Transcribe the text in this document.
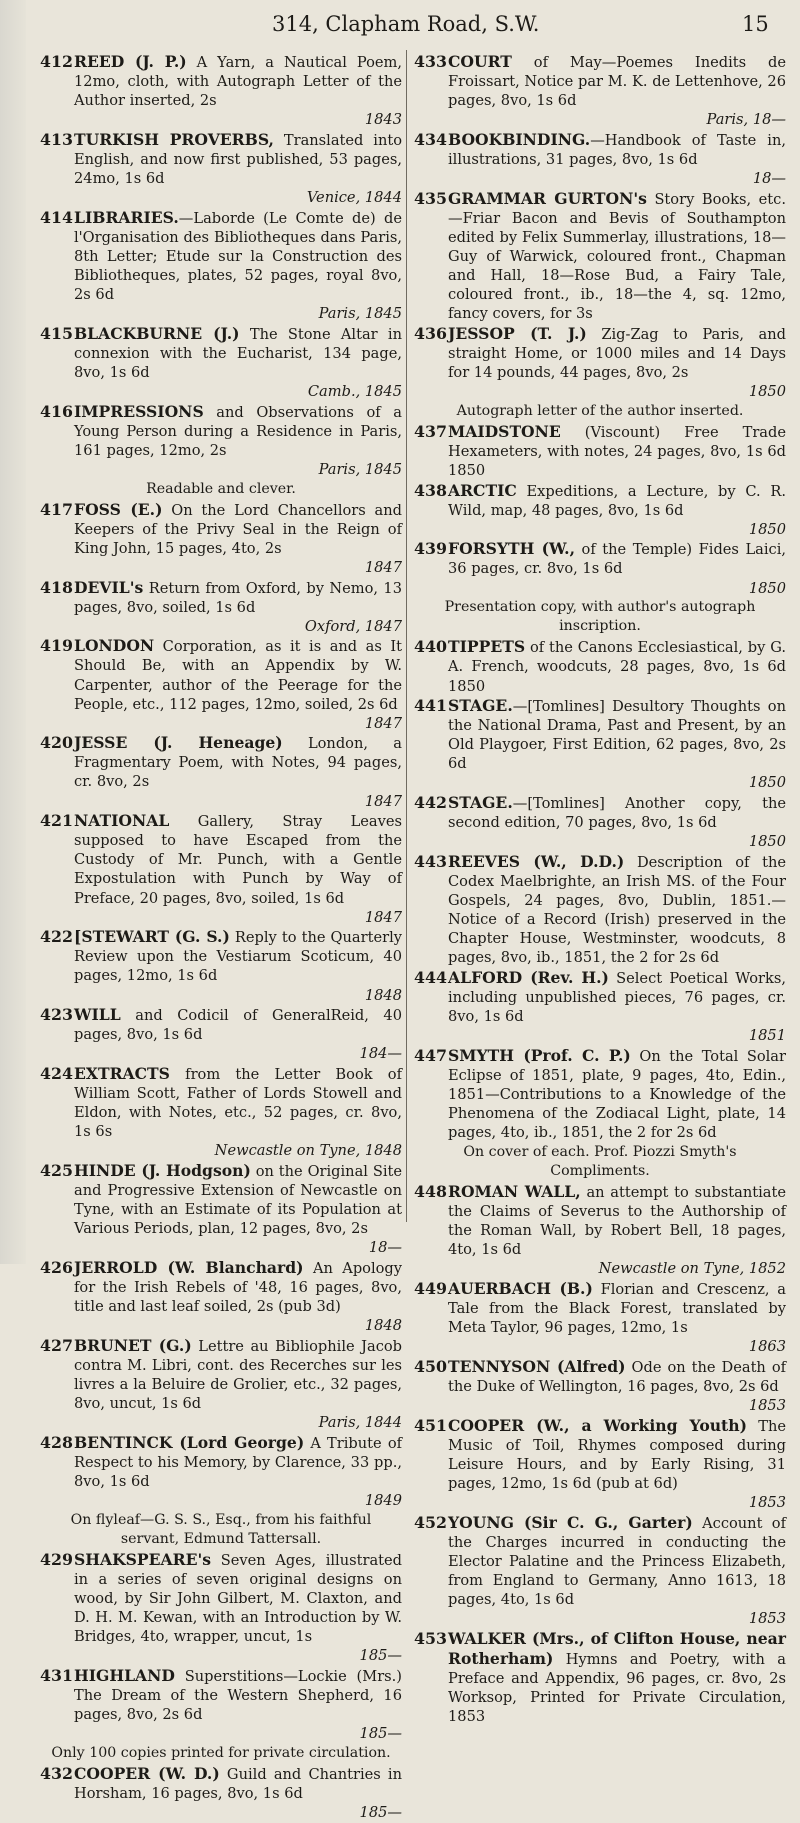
314, Clapham Road, S.W.	15
412 REED (J. P.) A Yarn, a Nautical Poem, 12mo, cloth, with Autograph Letter of the Author inserted, 2s
1843
413 TURKISH PROVERBS, Translated into English, and now first published, 53 pages, 24mo, 1s 6d
Venice, 1844
414 LIBRARIES.—Laborde (Le Comte de) de l'Organisation des Bibliotheques dans Paris, 8th Letter; Etude sur la Construction des Bibliotheques, plates, 52 pages, royal 8vo, 2s 6d
Paris, 1845
415 BLACKBURNE (J.) The Stone Altar in connexion with the Eucharist, 134 page, 8vo, 1s 6d
Camb., 1845
416 IMPRESSIONS and Observations of a Young Person during a Residence in Paris, 161 pages, 12mo, 2s
Paris, 1845
Readable and clever.
417 FOSS (E.) On the Lord Chancellors and Keepers of the Privy Seal in the Reign of King John, 15 pages, 4to, 2s
1847
418 DEVIL's Return from Oxford, by Nemo, 13 pages, 8vo, soiled, 1s 6d
Oxford, 1847
419 LONDON Corporation, as it is and as It Should Be, with an Appendix by W. Carpenter, author of the Peerage for the People, etc., 112 pages, 12mo, soiled, 2s 6d
1847
420 JESSE (J. Heneage) London, a Fragmentary Poem, with Notes, 94 pages, cr. 8vo, 2s
1847
421 NATIONAL Gallery, Stray Leaves supposed to have Escaped from the Custody of Mr. Punch, with a Gentle Expostulation with Punch by Way of Preface, 20 pages, 8vo, soiled, 1s 6d
1847
422 [STEWART (G. S.) Reply to the Quarterly Review upon the Vestiarum Scoticum, 40 pages, 12mo, 1s 6d
1848
423 WILL and Codicil of GeneralReid, 40 pages, 8vo, 1s 6d
184—
424 EXTRACTS from the Letter Book of William Scott, Father of Lords Stowell and Eldon, with Notes, etc., 52 pages, cr. 8vo, 1s 6s
Newcastle on Tyne, 1848
425 HINDE (J. Hodgson) on the Original Site and Progressive Extension of Newcastle on Tyne, with an Estimate of its Population at Various Periods, plan, 12 pages, 8vo, 2s
18—
426 JERROLD (W. Blanchard) An Apology for the Irish Rebels of '48, 16 pages, 8vo, title and last leaf soiled, 2s (pub 3d)
1848
427 BRUNET (G.) Lettre au Bibliophile Jacob contra M. Libri, cont. des Recerches sur les livres a la Beluire de Grolier, etc., 32 pages, 8vo, uncut, 1s 6d
Paris, 1844
428 BENTINCK (Lord George) A Tribute of Respect to his Memory, by Clarence, 33 pp., 8vo, 1s 6d
1849
On flyleaf—G. S. S., Esq., from his faithful servant, Edmund Tattersall.
429 SHAKSPEARE's Seven Ages, illustrated in a series of seven original designs on wood, by Sir John Gilbert, M. Claxton, and D. H. M. Kewan, with an Introduction by W. Bridges, 4to, wrapper, uncut, 1s
185—
431 HIGHLAND Superstitions—Lockie (Mrs.) The Dream of the Western Shepherd, 16 pages, 8vo, 2s 6d
185—
Only 100 copies printed for private circulation.
432 COOPER (W. D.) Guild and Chantries in Horsham, 16 pages, 8vo, 1s 6d
185—
433 COURT of May—Poemes Inedits de Froissart, Notice par M. K. de Lettenhove, 26 pages, 8vo, 1s 6d
Paris, 18—
434 BOOKBINDING.—Handbook of Taste in, illustrations, 31 pages, 8vo, 1s 6d
18—
435 GRAMMAR GURTON's Story Books, etc.—Friar Bacon and Bevis of Southampton edited by Felix Summerlay, illustrations, 18—Guy of Warwick, coloured front., Chapman and Hall, 18—Rose Bud, a Fairy Tale, coloured front., ib., 18—the 4, sq. 12mo, fancy covers, for 3s
436 JESSOP (T. J.) Zig-Zag to Paris, and straight Home, or 1000 miles and 14 Days for 14 pounds, 44 pages, 8vo, 2s
1850
Autograph letter of the author inserted.
437 MAIDSTONE (Viscount) Free Trade Hexameters, with notes, 24 pages, 8vo, 1s 6d 1850
438 ARCTIC Expeditions, a Lecture, by C. R. Wild, map, 48 pages, 8vo, 1s 6d
1850
439 FORSYTH (W., of the Temple) Fides Laici, 36 pages, cr. 8vo, 1s 6d
1850
Presentation copy, with author's autograph inscription.
440 TIPPETS of the Canons Ecclesiastical, by G. A. French, woodcuts, 28 pages, 8vo, 1s 6d 1850
441 STAGE.—[Tomlines] Desultory Thoughts on the National Drama, Past and Present, by an Old Playgoer, First Edition, 62 pages, 8vo, 2s 6d
1850
442 STAGE.—[Tomlines] Another copy, the second edition, 70 pages, 8vo, 1s 6d
1850
443 REEVES (W., D.D.) Description of the Codex Maelbrighte, an Irish MS. of the Four Gospels, 24 pages, 8vo, Dublin, 1851.—Notice of a Record (Irish) preserved in the Chapter House, Westminster, woodcuts, 8 pages, 8vo, ib., 1851, the 2 for 2s 6d
444 ALFORD (Rev. H.) Select Poetical Works, including unpublished pieces, 76 pages, cr. 8vo, 1s 6d
1851
447 SMYTH (Prof. C. P.) On the Total Solar Eclipse of 1851, plate, 9 pages, 4to, Edin., 1851—Contributions to a Knowledge of the Phenomena of the Zodiacal Light, plate, 14 pages, 4to, ib., 1851, the 2 for 2s 6d
On cover of each. Prof. Piozzi Smyth's Compliments.
448 ROMAN WALL, an attempt to substantiate the Claims of Severus to the Authorship of the Roman Wall, by Robert Bell, 18 pages, 4to, 1s 6d
Newcastle on Tyne, 1852
449 AUERBACH (B.) Florian and Crescenz, a Tale from the Black Forest, translated by Meta Taylor, 96 pages, 12mo, 1s
1863
450 TENNYSON (Alfred) Ode on the Death of the Duke of Wellington, 16 pages, 8vo, 2s 6d
1853
451 COOPER (W., a Working Youth) The Music of Toil, Rhymes composed during Leisure Hours, and by Early Rising, 31 pages, 12mo, 1s 6d (pub at 6d)
1853
452 YOUNG (Sir C. G., Garter) Account of the Charges incurred in conducting the Elector Palatine and the Princess Elizabeth, from England to Germany, Anno 1613, 18 pages, 4to, 1s 6d
1853
453 WALKER (Mrs., of Clifton House, near Rotherham) Hymns and Poetry, with a Preface and Appendix, 96 pages, cr. 8vo, 2s Worksop, Printed for Private Circulation, 1853
